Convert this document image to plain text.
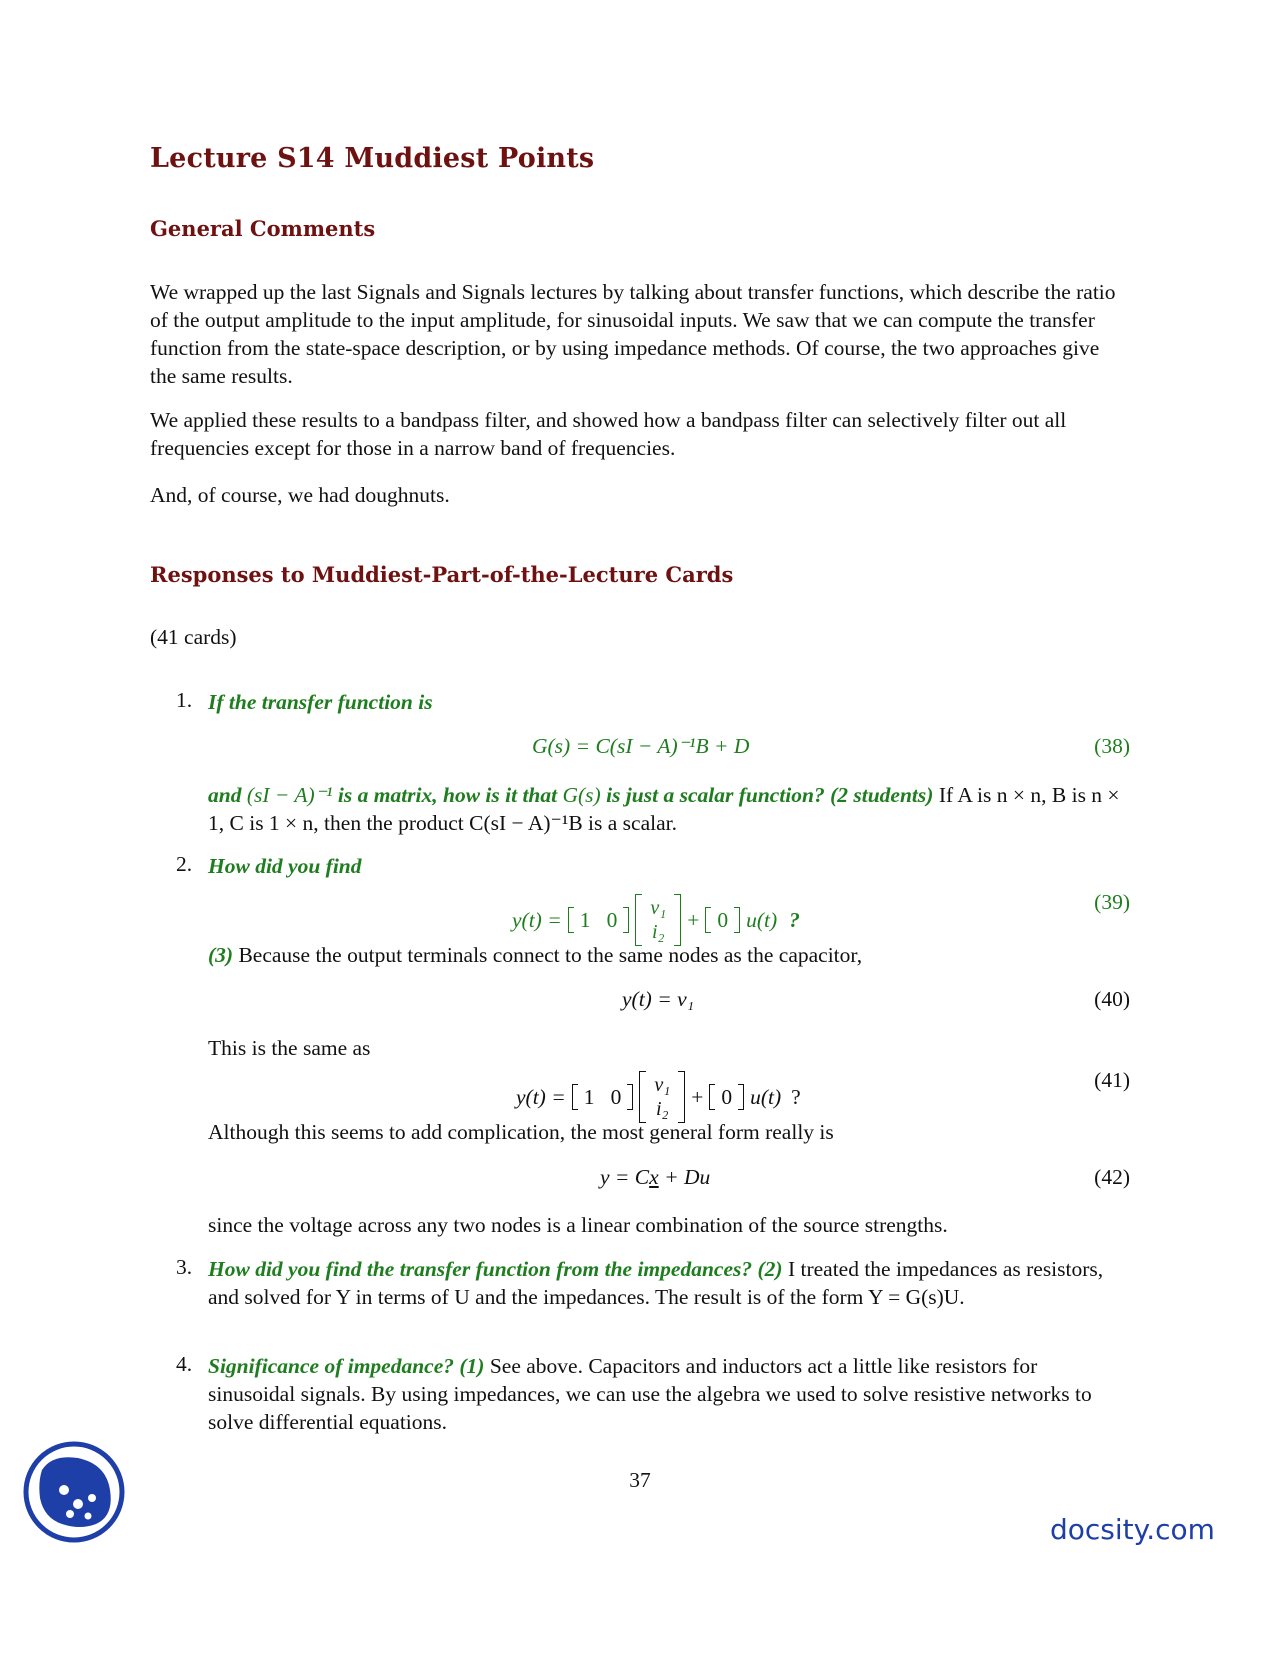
Lecture S14 Muddiest Points
General Comments

We wrapped up the last Signals and Signals lectures by talking about transfer functions, which describe the ratio of the output amplitude to the input amplitude, for sinusoidal inputs. We saw that we can compute the transfer function from the state-space description, or by using impedance methods. Of course, the two approaches give the same results.

We applied these results to a bandpass filter, and showed how a bandpass filter can selectively filter out all frequencies except for those in a narrow band of frequencies.

And, of course, we had doughnuts.

Responses to Muddiest-Part-of-the-Lecture Cards

(41 cards)

1. If the transfer function is
G(s) = C(sI − A)⁻¹B + D	(38)

and (sI − A)⁻¹ is a matrix, how is it that G(s) is just a scalar function? (2 students) If A is n × n, B is n × 1, C is 1 × n, then the product C(sI − A)⁻¹B is a scalar.

2. How did you find
y(t) = 1   0 v₁
i₂
+ 0 u(t) ?
(39)

(3) Because the output terminals connect to the same nodes as the capacitor,

y(t) = v₁	(40)

This is the same as

y(t) = 1   0 v₁
i₂
+ 0 u(t) ?
(41)

Although this seems to add complication, the most general form really is

y = Cx + Du	(42)

since the voltage across any two nodes is a linear combination of the source strengths.

3. How did you find the transfer function from the impedances? (2) I treated the impedances as resistors, and solved for Y in terms of U and the impedances. The result is of the form Y = G(s)U.

4. Significance of impedance? (1) See above. Capacitors and inductors act a little like resistors for sinusoidal signals. By using impedances, we can use the algebra we used to solve resistive networks to solve differential equations.

37
docsity.com
